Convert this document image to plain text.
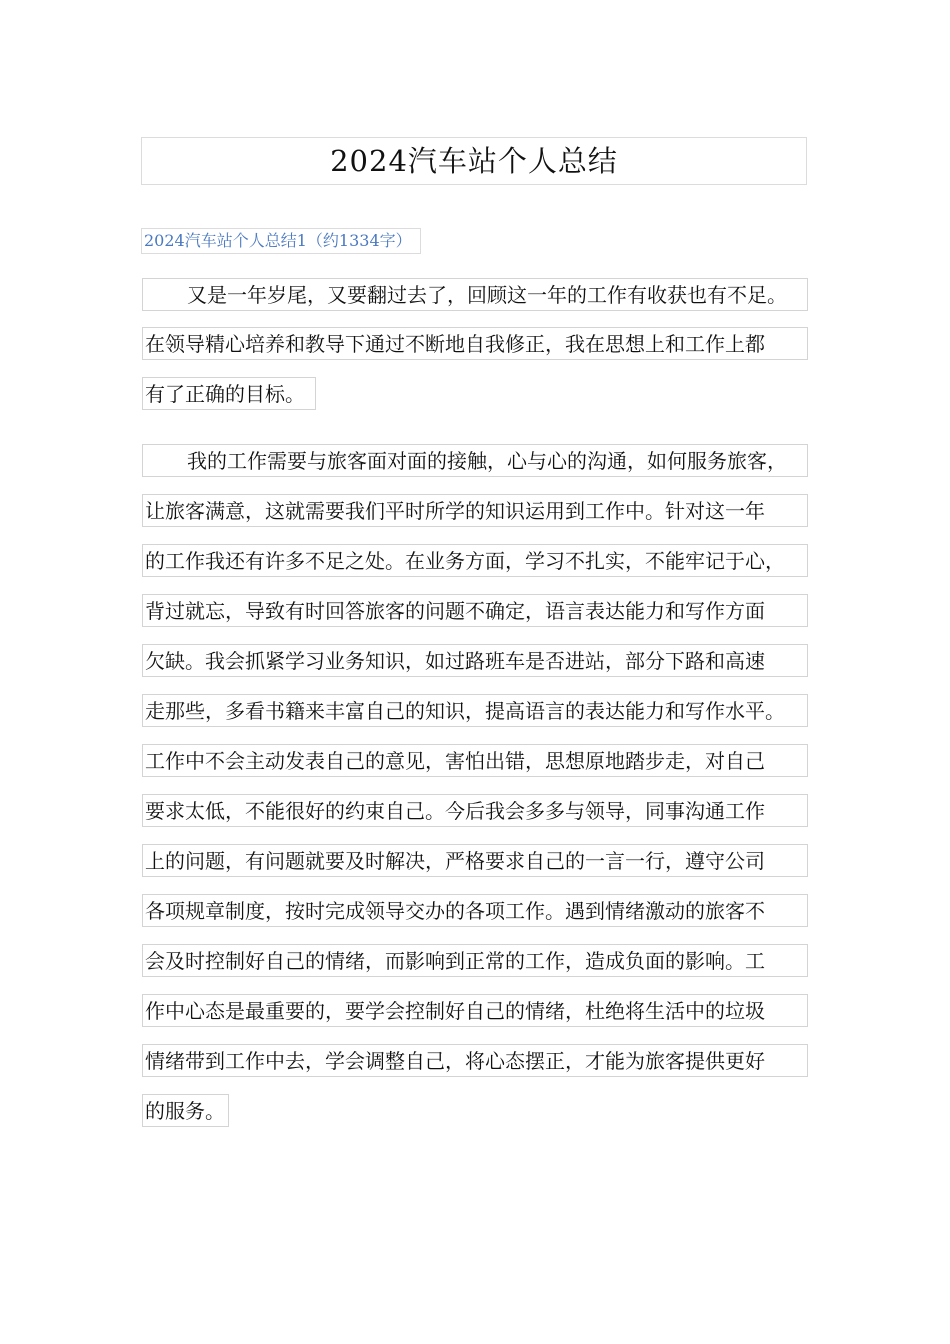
2024汽车站个人总结
2024汽车站个人总结1（约1334字）
又是一年岁尾，又要翻过去了，回顾这一年的工作有收获也有不足。
在领导精心培养和教导下通过不断地自我修正，我在思想上和工作上都
有了正确的目标。
我的工作需要与旅客面对面的接触，心与心的沟通，如何服务旅客，
让旅客满意，这就需要我们平时所学的知识运用到工作中。针对这一年
的工作我还有许多不足之处。在业务方面，学习不扎实，不能牢记于心，
背过就忘，导致有时回答旅客的问题不确定，语言表达能力和写作方面
欠缺。我会抓紧学习业务知识，如过路班车是否进站，部分下路和高速
走那些，多看书籍来丰富自己的知识，提高语言的表达能力和写作水平。
工作中不会主动发表自己的意见，害怕出错，思想原地踏步走，对自己
要求太低，不能很好的约束自己。今后我会多多与领导，同事沟通工作
上的问题，有问题就要及时解决，严格要求自己的一言一行，遵守公司
各项规章制度，按时完成领导交办的各项工作。遇到情绪激动的旅客不
会及时控制好自己的情绪，而影响到正常的工作，造成负面的影响。工
作中心态是最重要的，要学会控制好自己的情绪，杜绝将生活中的垃圾
情绪带到工作中去，学会调整自己，将心态摆正，才能为旅客提供更好
的服务。
